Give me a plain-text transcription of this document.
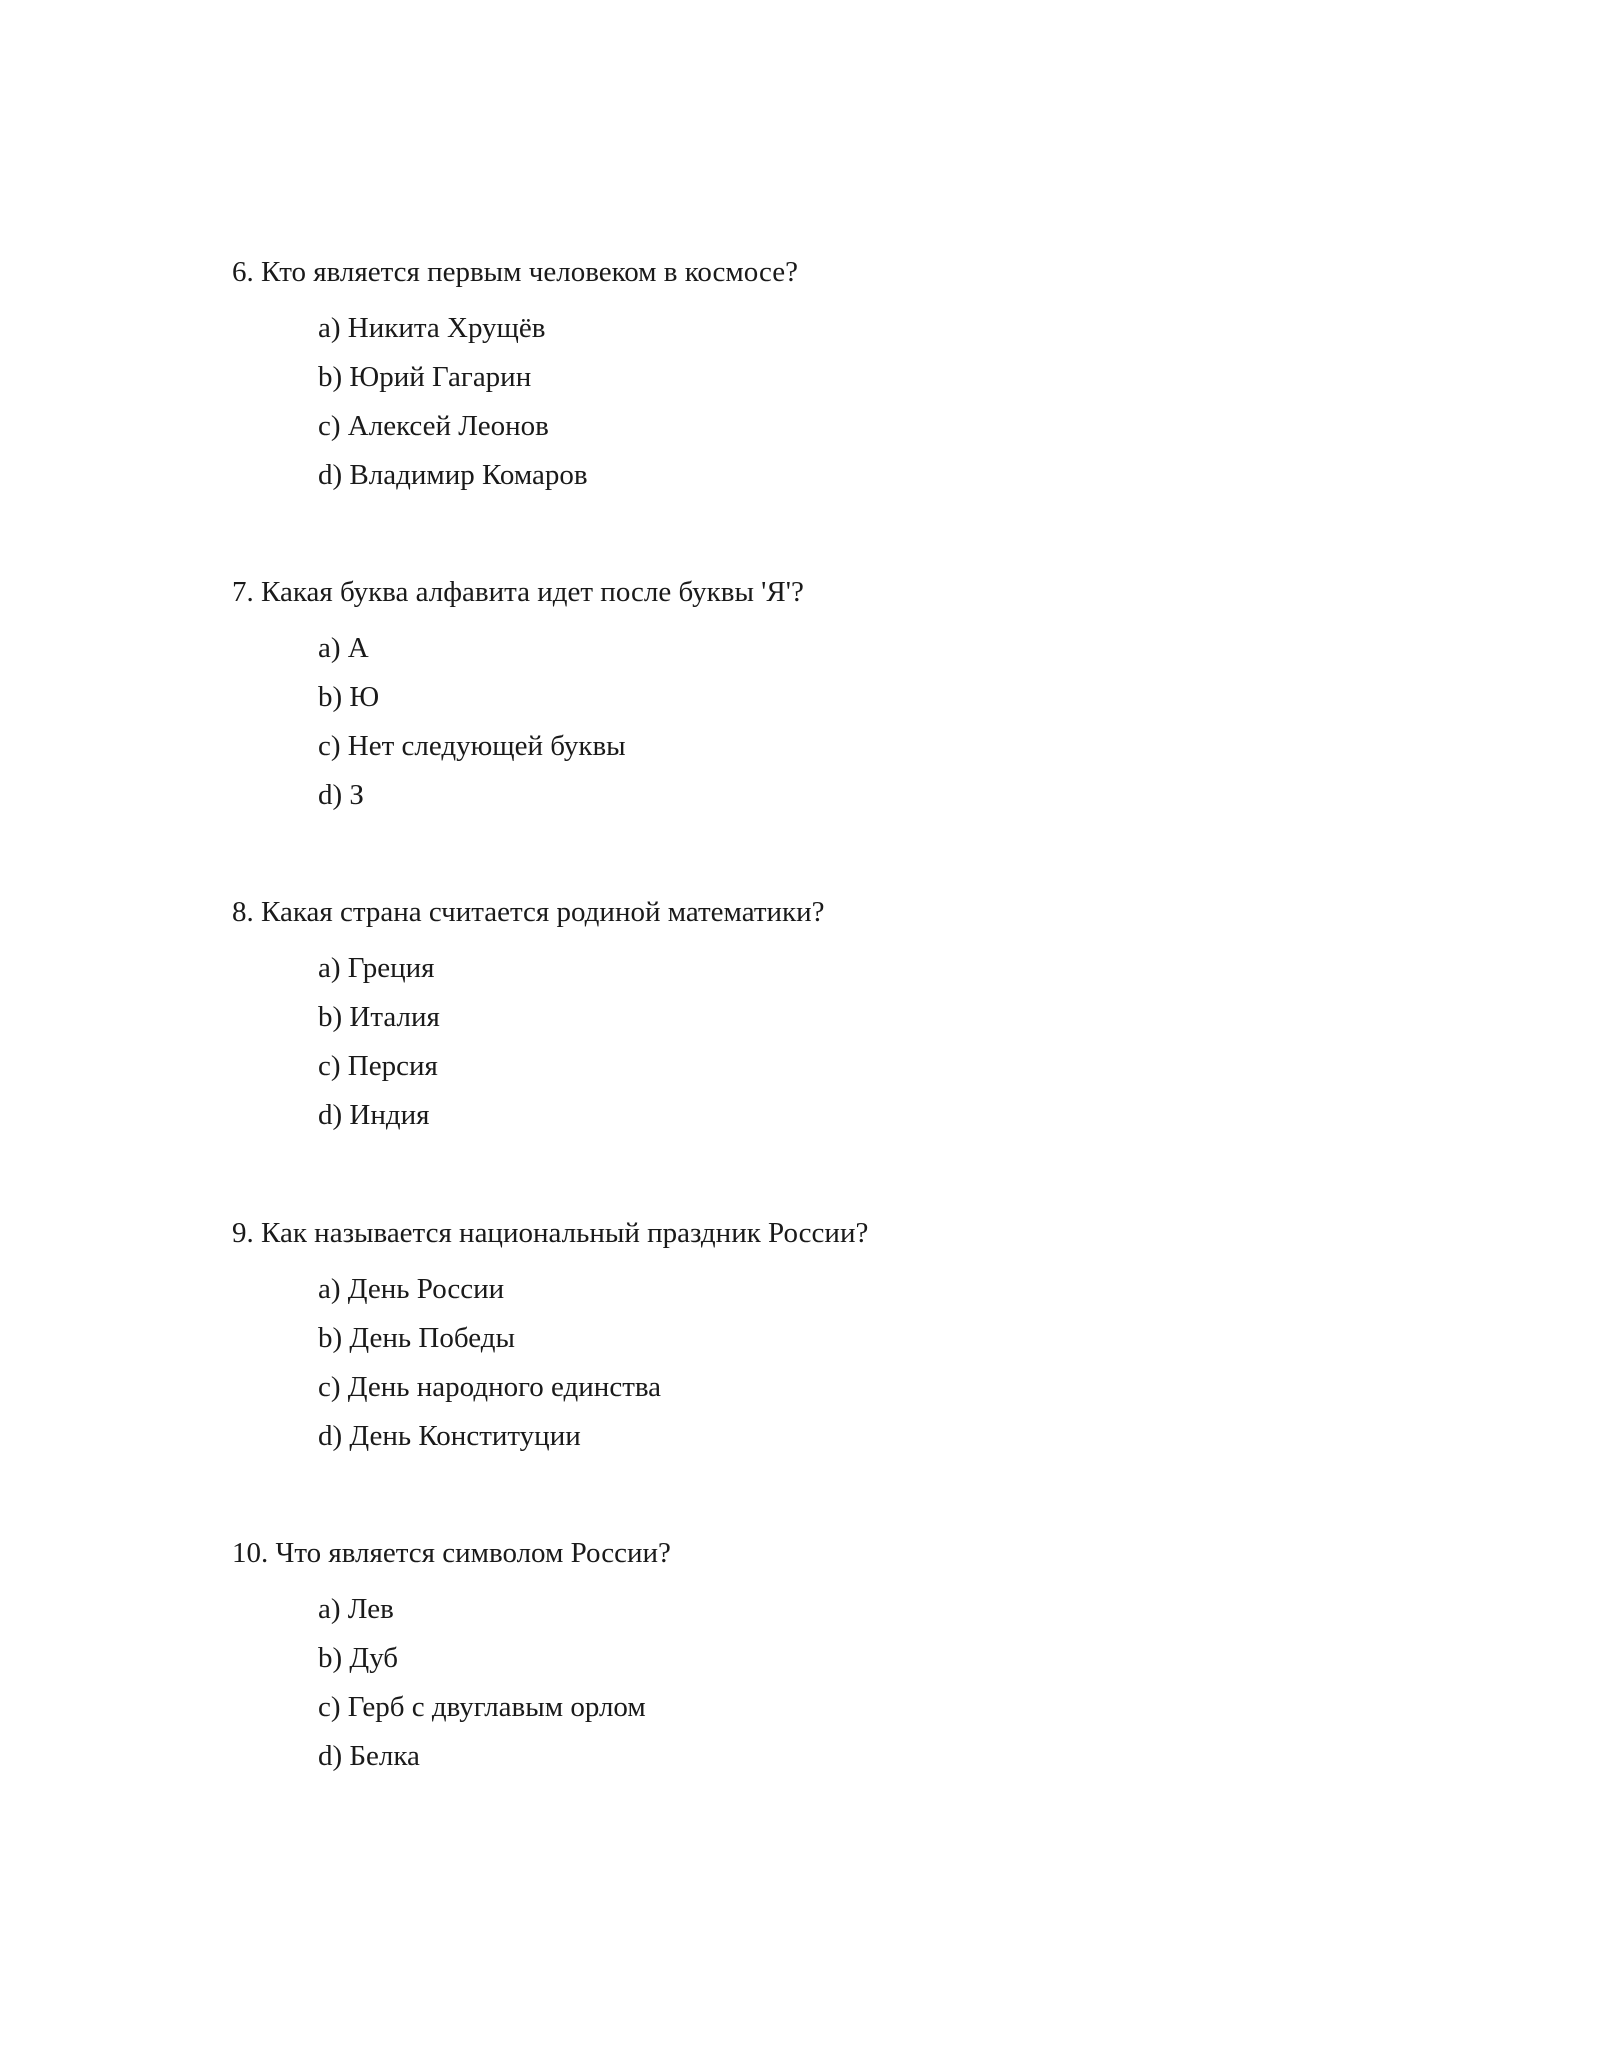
6. Кто является первым человеком в космосе?

a) Никита Хрущёв
b) Юрий Гагарин
c) Алексей Леонов
d) Владимир Комаров

7. Какая буква алфавита идет после буквы 'Я'?

a) А
b) Ю
c) Нет следующей буквы
d) З

8. Какая страна считается родиной математики?

a) Греция
b) Италия
c) Персия
d) Индия

9. Как называется национальный праздник России?

a) День России
b) День Победы
c) День народного единства
d) День Конституции

10. Что является символом России?

a) Лев
b) Дуб
c) Герб с двуглавым орлом
d) Белка
